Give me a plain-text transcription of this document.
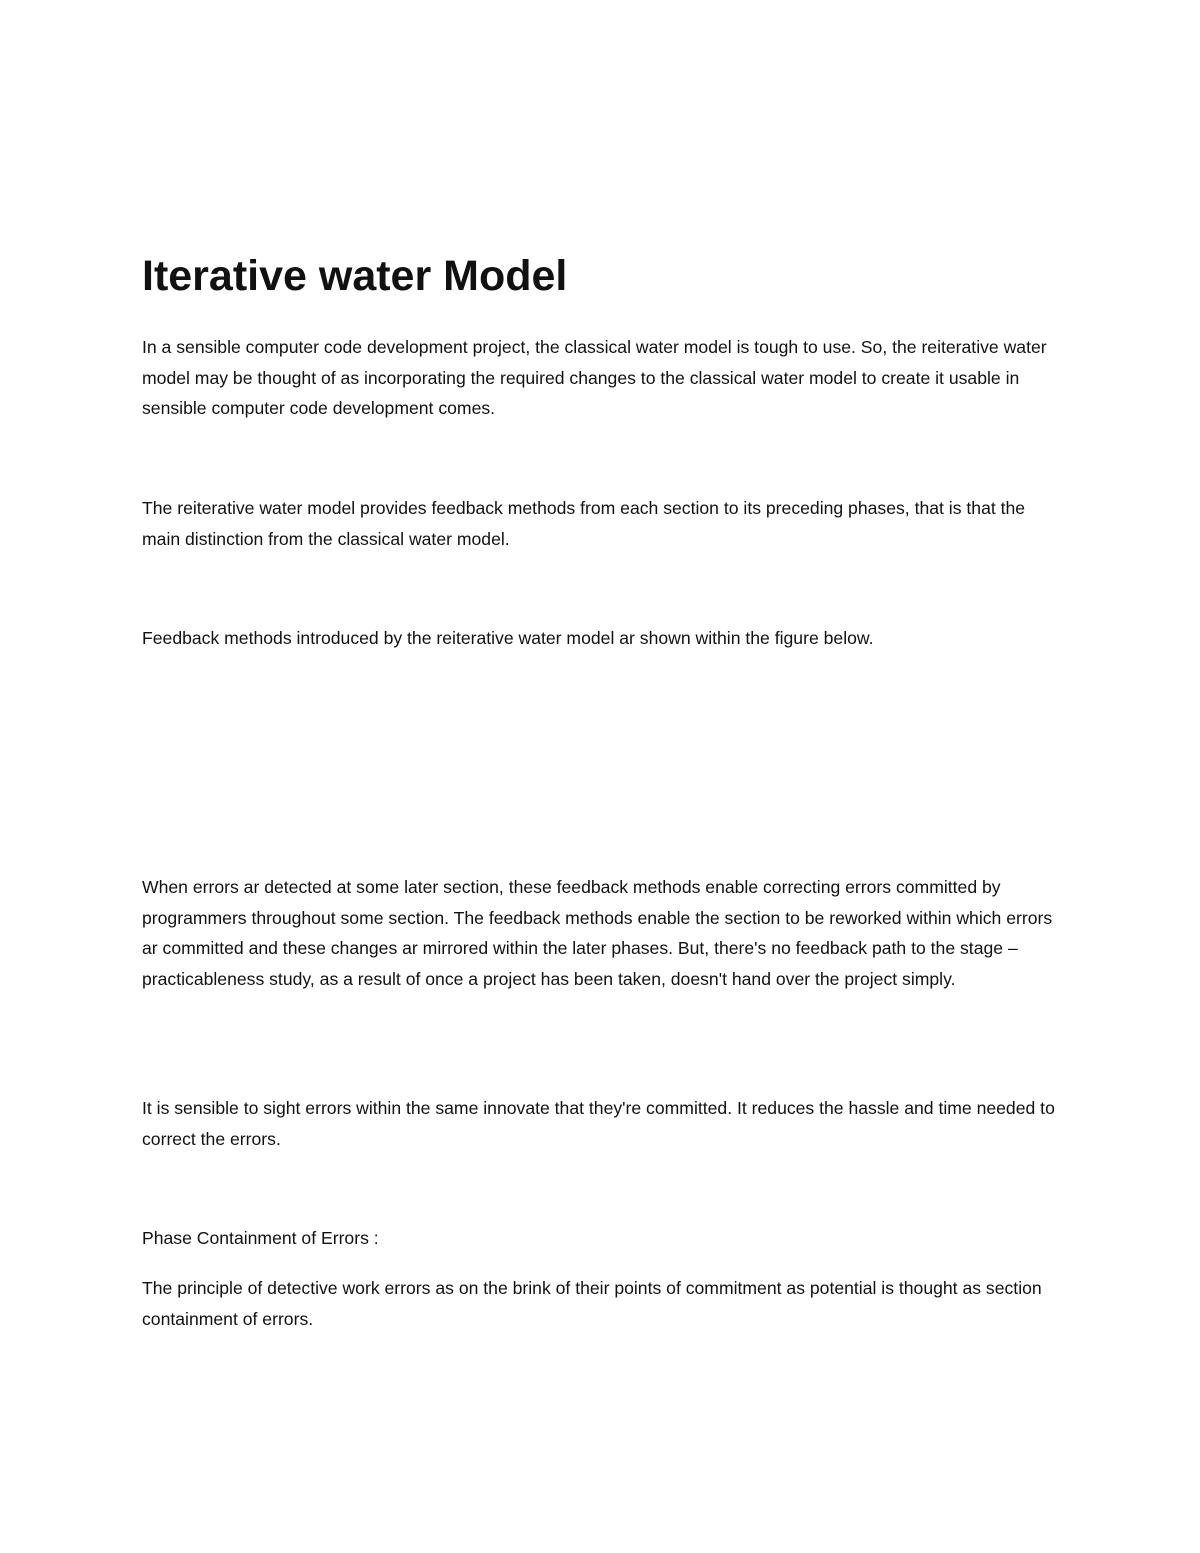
Iterative water Model

In a sensible computer code development project, the classical water model is tough to use. So, the reiterative water model may be thought of as incorporating the required changes to the classical water model to create it usable in sensible computer code development comes.

The reiterative water model provides feedback methods from each section to its preceding phases, that is that the main distinction from the classical water model.

Feedback methods introduced by the reiterative water model ar shown within the figure below.

When errors ar detected at some later section, these feedback methods enable correcting errors committed by programmers throughout some section. The feedback methods enable the section to be reworked within which errors ar committed and these changes ar mirrored within the later phases. But, there's no feedback path to the stage – practicableness study, as a result of once a project has been taken, doesn't hand over the project simply.

It is sensible to sight errors within the same innovate that they're committed. It reduces the hassle and time needed to correct the errors.

Phase Containment of Errors :

The principle of detective work errors as on the brink of their points of commitment as potential is thought as section containment of errors.
